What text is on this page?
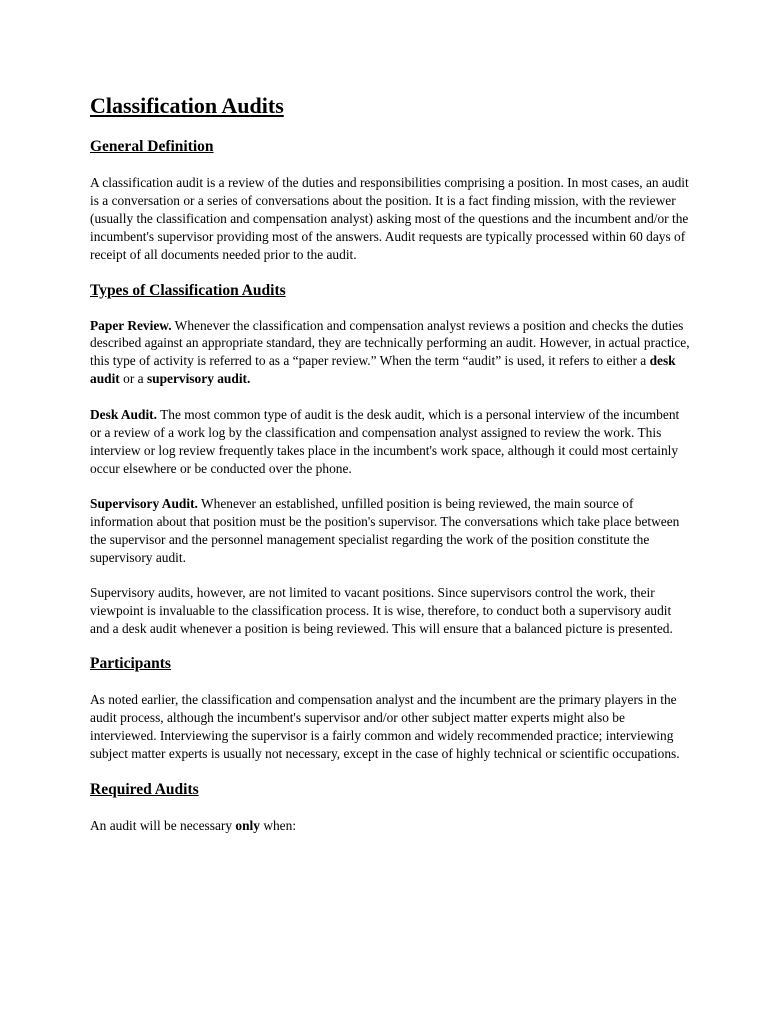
Classification Audits
General Definition

A classification audit is a review of the duties and responsibilities comprising a position. In most cases, an audit is a conversation or a series of conversations about the position. It is a fact finding mission, with the reviewer (usually the classification and compensation analyst) asking most of the questions and the incumbent and/or the incumbent's supervisor providing most of the answers. Audit requests are typically processed within 60 days of receipt of all documents needed prior to the audit.

Types of Classification Audits

Paper Review. Whenever the classification and compensation analyst reviews a position and checks the duties described against an appropriate standard, they are technically performing an audit. However, in actual practice, this type of activity is referred to as a “paper review.” When the term “audit” is used, it refers to either a desk audit or a supervisory audit.

Desk Audit. The most common type of audit is the desk audit, which is a personal interview of the incumbent or a review of a work log by the classification and compensation analyst assigned to review the work. This interview or log review frequently takes place in the incumbent's work space, although it could most certainly occur elsewhere or be conducted over the phone.

Supervisory Audit. Whenever an established, unfilled position is being reviewed, the main source of information about that position must be the position's supervisor. The conversations which take place between the supervisor and the personnel management specialist regarding the work of the position constitute the supervisory audit.

Supervisory audits, however, are not limited to vacant positions. Since supervisors control the work, their viewpoint is invaluable to the classification process. It is wise, therefore, to conduct both a supervisory audit and a desk audit whenever a position is being reviewed. This will ensure that a balanced picture is presented.

Participants

As noted earlier, the classification and compensation analyst and the incumbent are the primary players in the audit process, although the incumbent's supervisor and/or other subject matter experts might also be interviewed. Interviewing the supervisor is a fairly common and widely recommended practice; interviewing subject matter experts is usually not necessary, except in the case of highly technical or scientific occupations.

Required Audits

An audit will be necessary only when:
